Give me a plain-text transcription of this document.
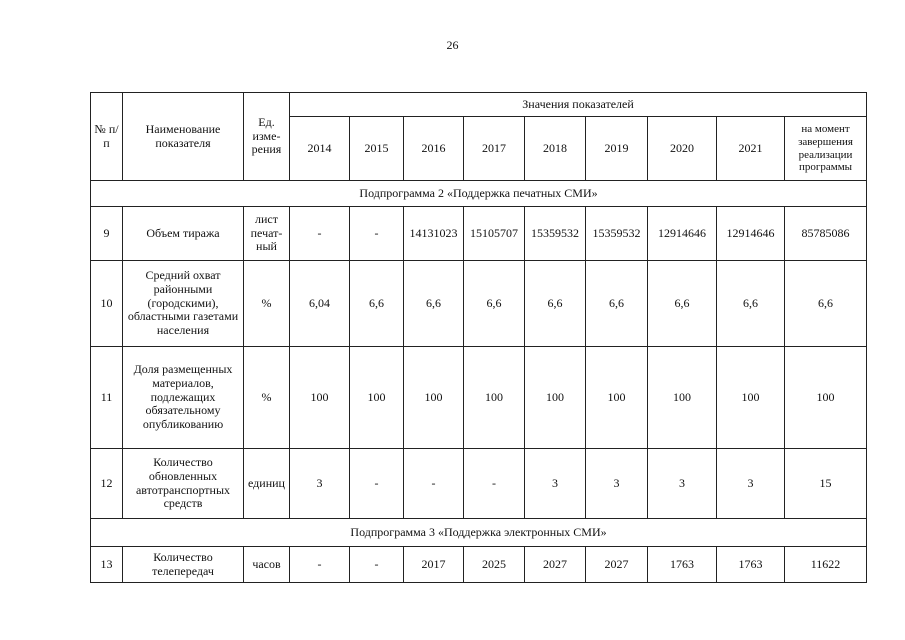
26
№ п/п	Наименование показателя	Ед. изме-рения	Значения показателей								
			2014	2015	2016	2017	2018	2019	2020	2021	на момент завершения реализации программы
Подпрограмма 2 «Поддержка печатных СМИ»											
9	Объем тиража	лист печат-ный	-	-	14131023	15105707	15359532	15359532	12914646	12914646	85785086
10	Средний охват районными (городскими), областными газетами населения	%	6,04	6,6	6,6	6,6	6,6	6,6	6,6	6,6	6,6
11	Доля размещенных материалов, подлежащих обязательному опубликованию	%	100	100	100	100	100	100	100	100	100
12	Количество обновленных автотранспортных средств	единиц	3	-	-	-	3	3	3	3	15
Подпрограмма 3 «Поддержка электронных СМИ»											
13	Количество телепередач	часов	-	-	2017	2025	2027	2027	1763	1763	11622
